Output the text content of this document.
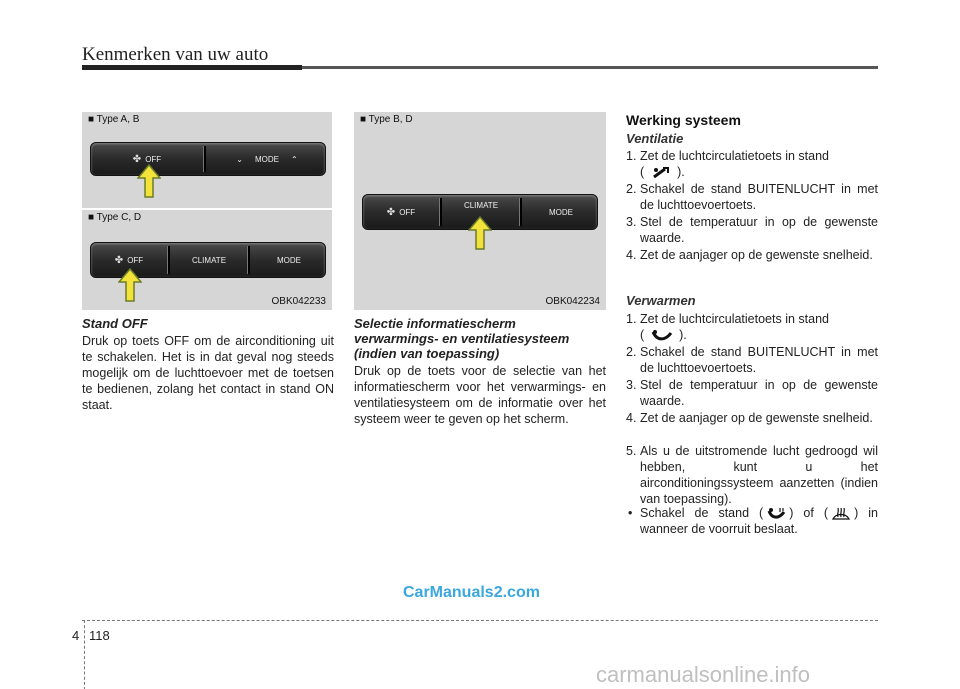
Kenmerken van uw auto
■ Type A, B
✤ OFF	⌄ MODE ⌃
■ Type C, D
✤ OFF	CLIMATE	MODE
OBK042233
■ Type B, D
✤ OFF
CLIMATE
MODE
OBK042234
Stand OFF
Druk op toets OFF om de airconditioning uit te schakelen. Het is in dat geval nog steeds mogelijk om de luchttoevoer met de toetsen te bedienen, zolang het contact in stand ON staat.
Selectie informatiescherm
verwarmings- en ventilatiesysteem
(indien van toepassing)
Druk op de toets voor de selectie van het informatiescherm voor het verwarmings- en ventilatiesysteem om de informatie over het systeem weer te geven op het scherm.
Werking systeem
Ventilatie
1. Zet de luchtcirculatietoets in stand
(  ).
2. Schakel de stand BUITENLUCHT in met de luchttoevoertoets.
3. Stel de temperatuur in op de gewenste waarde.
4. Zet de aanjager op de gewenste snelheid.
Verwarmen
1. Zet de luchtcirculatietoets in stand
(  ).
2. Schakel de stand BUITENLUCHT in met de luchttoevoertoets.
3. Stel de temperatuur in op de gewenste waarde.
4. Zet de aanjager op de gewenste snelheid.
5. Als u de uitstromende lucht gedroogd wil hebben, kunt u het airconditioningssysteem aanzetten (indien van toepassing).
• Schakel de stand ( ) of ( ) in wanneer de voorruit beslaat.
CarManuals2.com
4 118
carmanualsonline.info
